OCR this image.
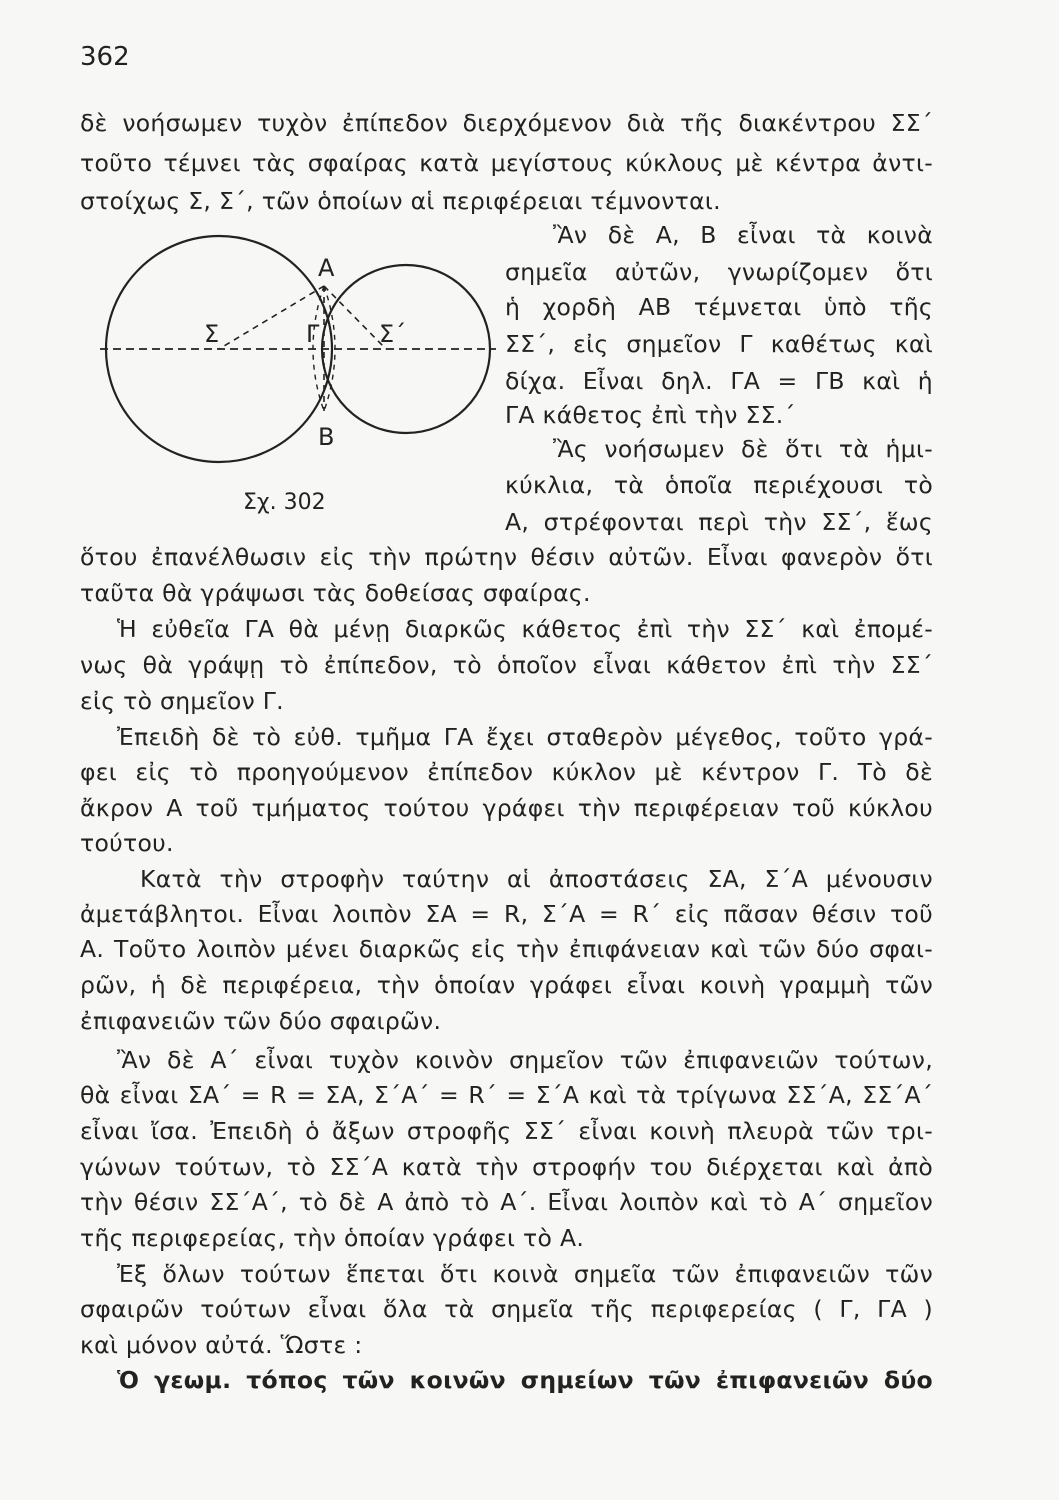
362
δὲ νοήσωμεν τυχὸν ἐπίπεδον διερχόμενον διὰ τῆς διακέντρου ΣΣ΄
τοῦτο τέμνει τὰς σφαίρας κατὰ μεγίστους κύκλους μὲ κέντρα ἀντι-
στοίχως Σ, Σ΄, τῶν ὁποίων αἱ περιφέρειαι τέμνονται.
Ἂν δὲ Α, Β εἶναι τὰ κοινὰ
σημεῖα αὐτῶν, γνωρίζομεν ὅτι
ἡ χορδὴ ΑΒ τέμνεται ὑπὸ τῆς
ΣΣ΄, εἰς σημεῖον Γ καθέτως καὶ
δίχα. Εἶναι δηλ. ΓΑ = ΓΒ καὶ ἡ
ΓΑ κάθετος ἐπὶ τὴν ΣΣ.΄
Ἂς νοήσωμεν δὲ ὅτι τὰ ἡμι-
κύκλια, τὰ ὁποῖα περιέχουσι τὸ
Α, στρέφονται περὶ τὴν ΣΣ΄, ἕως
Α
Β
Σ	Γ Σ΄
Σχ. 302
ὅτου ἐπανέλθωσιν εἰς τὴν πρώτην θέσιν αὐτῶν. Εἶναι φανερὸν ὅτι
ταῦτα θὰ γράψωσι τὰς δοθείσας σφαίρας.
Ἡ εὐθεῖα ΓΑ θὰ μένῃ διαρκῶς κάθετος ἐπὶ τὴν ΣΣ΄ καὶ ἐπομέ-
νως θὰ γράψῃ τὸ ἐπίπεδον, τὸ ὁποῖον εἶναι κάθετον ἐπὶ τὴν ΣΣ΄
εἰς τὸ σημεῖον Γ.
Ἐπειδὴ δὲ τὸ εὐθ. τμῆμα ΓΑ ἔχει σταθερὸν μέγεθος, τοῦτο γρά-
φει εἰς τὸ προηγούμενον ἐπίπεδον κύκλον μὲ κέντρον Γ. Τὸ δὲ
ἄκρον Α τοῦ τμήματος τούτου γράφει τὴν περιφέρειαν τοῦ κύκλου
τούτου.
Κατὰ τὴν στροφὴν ταύτην αἱ ἀποστάσεις ΣΑ, Σ΄Α μένουσιν
ἀμετάβλητοι. Εἶναι λοιπὸν ΣΑ = R, Σ΄Α = R΄ εἰς πᾶσαν θέσιν τοῦ
Α. Τοῦτο λοιπὸν μένει διαρκῶς εἰς τὴν ἐπιφάνειαν καὶ τῶν δύο σφαι-
ρῶν, ἡ δὲ περιφέρεια, τὴν ὁποίαν γράφει εἶναι κοινὴ γραμμὴ τῶν
ἐπιφανειῶν τῶν δύο σφαιρῶν.
Ἂν δὲ Α΄ εἶναι τυχὸν κοινὸν σημεῖον τῶν ἐπιφανειῶν τούτων,
θὰ εἶναι ΣΑ΄ = R = ΣΑ, Σ΄Α΄ = R΄ = Σ΄Α καὶ τὰ τρίγωνα ΣΣ΄Α, ΣΣ΄Α΄
εἶναι ἴσα. Ἐπειδὴ ὁ ἄξων στροφῆς ΣΣ΄ εἶναι κοινὴ πλευρὰ τῶν τρι-
γώνων τούτων, τὸ ΣΣ΄Α κατὰ τὴν στροφήν του διέρχεται καὶ ἀπὸ
τὴν θέσιν ΣΣ΄Α΄, τὸ δὲ Α ἀπὸ τὸ Α΄. Εἶναι λοιπὸν καὶ τὸ Α΄ σημεῖον
τῆς περιφερείας, τὴν ὁποίαν γράφει τὸ Α.
Ἐξ ὅλων τούτων ἕπεται ὅτι κοινὰ σημεῖα τῶν ἐπιφανειῶν τῶν
σφαιρῶν τούτων εἶναι ὅλα τὰ σημεῖα τῆς περιφερείας ( Γ, ΓΑ )
καὶ μόνον αὐτά. Ὥστε :
Ὁ γεωμ. τόπος τῶν κοινῶν σημείων τῶν ἐπιφανειῶν δύο
